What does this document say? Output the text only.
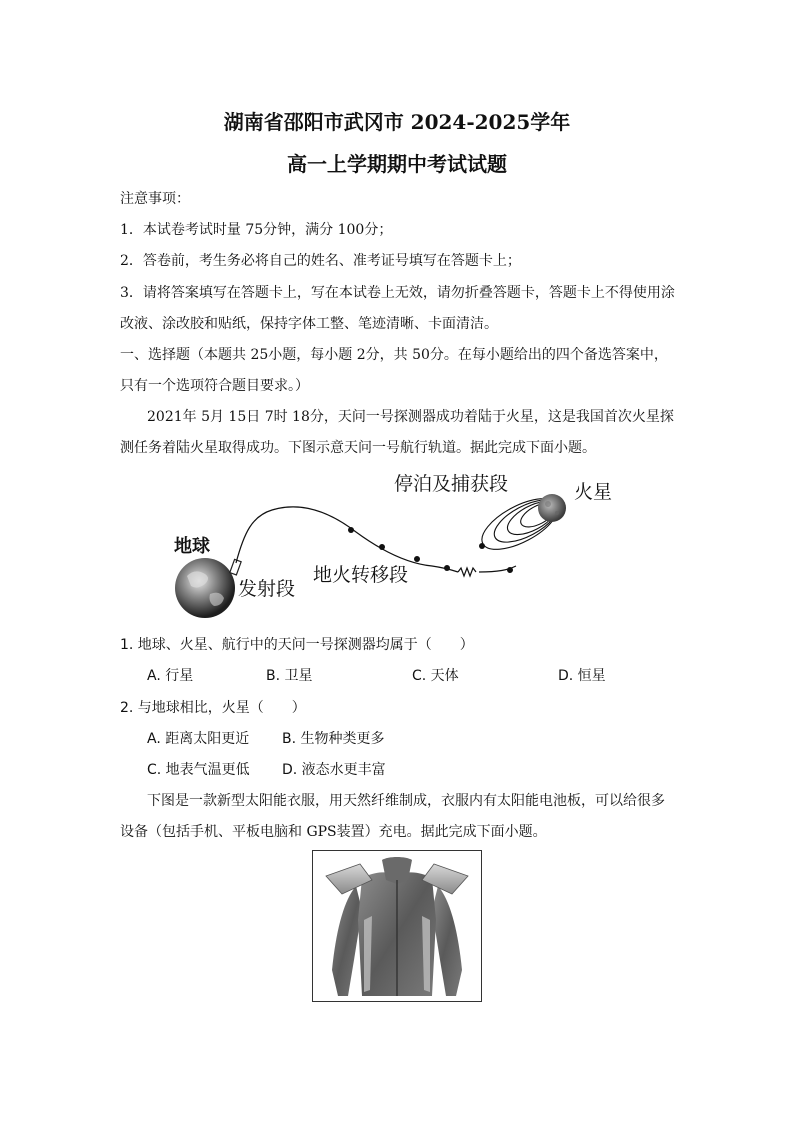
湖南省邵阳市武冈市 2024-2025学年
高一上学期期中考试试题
注意事项：
1．本试卷考试时量 75分钟，满分 100分；
2．答卷前，考生务必将自己的姓名、准考证号填写在答题卡上；
3．请将答案填写在答题卡上，写在本试卷上无效，请勿折叠答题卡，答题卡上不得使用涂
改液、涂改胶和贴纸，保持字体工整、笔迹清晰、卡面清洁。
一、选择题（本题共 25小题，每小题 2分，共 50分。在每小题给出的四个备选答案中，
只有一个选项符合题目要求。）
2021年 5月 15日 7时 18分，天问一号探测器成功着陆于火星，这是我国首次火星探
测任务着陆火星取得成功。下图示意天问一号航行轨道。据此完成下面小题。
地球
发射段
地火转移段
停泊及捕获段	火星
1. 地球、火星、航行中的天问一号探测器均属于（　　）
A. 行星	B. 卫星	C. 天体	D. 恒星
2. 与地球相比，火星（　　）
A. 距离太阳更近 B. 生物种类更多
C. 地表气温更低 D. 液态水更丰富
下图是一款新型太阳能衣服，用天然纤维制成，衣服内有太阳能电池板，可以给很多
设备（包括手机、平板电脑和 GPS装置）充电。据此完成下面小题。
